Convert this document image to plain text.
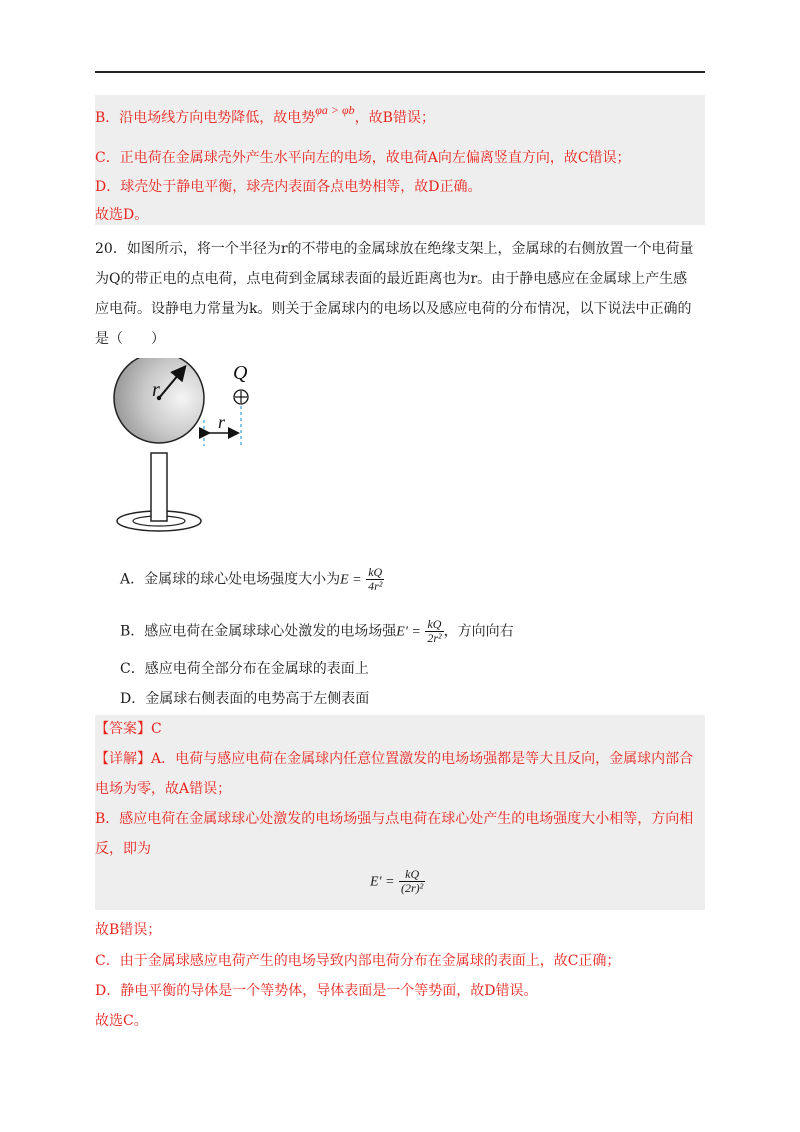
B．沿电场线方向电势降低，故电势φa > φb，故B错误；
C．正电荷在金属球壳外产生水平向左的电场，故电荷A向左偏离竖直方向，故C错误；
D．球壳处于静电平衡，球壳内表面各点电势相等，故D正确。
故选D。
20．如图所示，将一个半径为r的不带电的金属球放在绝缘支架上，金属球的右侧放置一个电荷量
为Q的带正电的点电荷，点电荷到金属球表面的最近距离也为r。由于静电感应在金属球上产生感
应电荷。设静电力常量为k。则关于金属球内的电场以及感应电荷的分布情况，以下说法中正确的
是（　　）
r
Q
r
A．金属球的球心处电场强度大小为$E = \frac{kQ}{\text{4r²}}$
B．感应电荷在金属球球心处激发的电场场强$E' = \frac{kQ}{\text{2r²}}$ ，方向向右
C．感应电荷全部分布在金属球的表面上
D．金属球右侧表面的电势高于左侧表面
【答案】C
【详解】A．电荷与感应电荷在金属球内任意位置激发的电场场强都是等大且反向，金属球内部合
电场为零，故A错误；
B．感应电荷在金属球球心处激发的电场场强与点电荷在球心处产生的电场强度大小相等，方向相
反，即为
$E' = \frac{kQ}{\text{(2r)²}}$
故B错误；
C．由于金属球感应电荷产生的电场导致内部电荷分布在金属球的表面上，故C正确；
D．静电平衡的导体是一个等势体，导体表面是一个等势面，故D错误。
故选C。
